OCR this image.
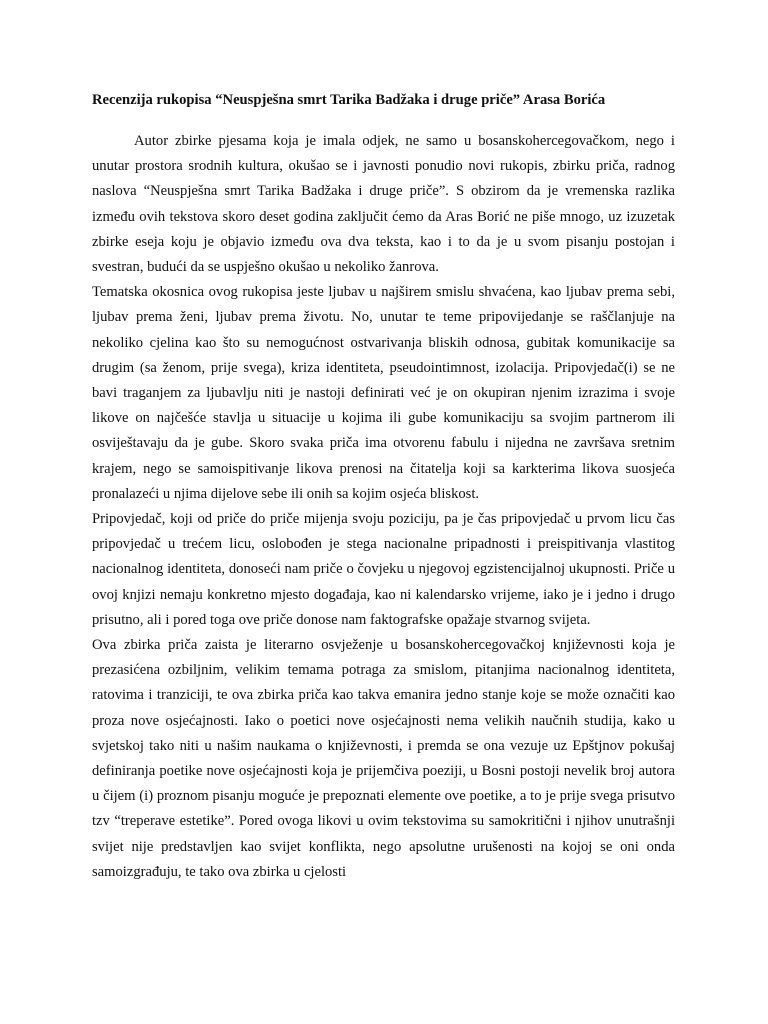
Recenzija rukopisa “Neuspješna smrt Tarika Badžaka i druge priče” Arasa Borića

Autor zbirke pjesama koja je imala odjek, ne samo u bosanskohercegovačkom, nego i unutar prostora srodnih kultura, okušao se i javnosti ponudio novi rukopis, zbirku priča, radnog naslova “Neuspješna smrt Tarika Badžaka i druge priče”. S obzirom da je vremenska razlika između ovih tekstova skoro deset godina zaključit ćemo da Aras Borić ne piše mnogo, uz izuzetak zbirke eseja koju je objavio između ova dva teksta, kao i to da je u svom pisanju postojan i svestran, budući da se uspješno okušao u nekoliko žanrova.

Tematska okosnica ovog rukopisa jeste ljubav u najširem smislu shvaćena, kao ljubav prema sebi, ljubav prema ženi, ljubav prema životu. No, unutar te teme pripovijedanje se raščlanjuje na nekoliko cjelina kao što su nemogućnost ostvarivanja bliskih odnosa, gubitak komunikacije sa drugim (sa ženom, prije svega), kriza identiteta, pseudointimnost, izolacija. Pripovjedač(i) se ne bavi traganjem za ljubavlju niti je nastoji definirati već je on okupiran njenim izrazima i svoje likove on najčešće stavlja u situacije u kojima ili gube komunikaciju sa svojim partnerom ili osviještavaju da je gube. Skoro svaka priča ima otvorenu fabulu i nijedna ne završava sretnim krajem, nego se samoispitivanje likova prenosi na čitatelja koji sa karkterima likova suosjeća pronalazeći u njima dijelove sebe ili onih sa kojim osjeća bliskost.

Pripovjedač, koji od priče do priče mijenja svoju poziciju, pa je čas pripovjedač u prvom licu čas pripovjedač u trećem licu, oslobođen je stega nacionalne pripadnosti i preispitivanja vlastitog nacionalnog identiteta, donoseći nam priče o čovjeku u njegovoj egzistencijalnoj ukupnosti. Priče u ovoj knjizi nemaju konkretno mjesto događaja, kao ni kalendarsko vrijeme, iako je i jedno i drugo prisutno, ali i pored toga ove priče donose nam faktografske opažaje stvarnog svijeta.

Ova zbirka priča zaista je literarno osvježenje u bosanskohercegovačkoj književnosti koja je prezasićena ozbiljnim, velikim temama potraga za smislom, pitanjima nacionalnog identiteta, ratovima i tranziciji, te ova zbirka priča kao takva emanira jedno stanje koje se može označiti kao proza nove osjećajnosti. Iako o poetici nove osjećajnosti nema velikih naučnih studija, kako u svjetskoj tako niti u našim naukama o književnosti, i premda se ona vezuje uz Epštjnov pokušaj definiranja poetike nove osjećajnosti koja je prijemčiva poeziji, u Bosni postoji nevelik broj autora u čijem (i) proznom pisanju moguće je prepoznati elemente ove poetike, a to je prije svega prisutvo tzv “treperave estetike”. Pored ovoga likovi u ovim tekstovima su samokritični i njihov unutrašnji svijet nije predstavljen kao svijet konflikta, nego apsolutne urušenosti na kojoj se oni onda samoizgrađuju, te tako ova zbirka u cjelosti
